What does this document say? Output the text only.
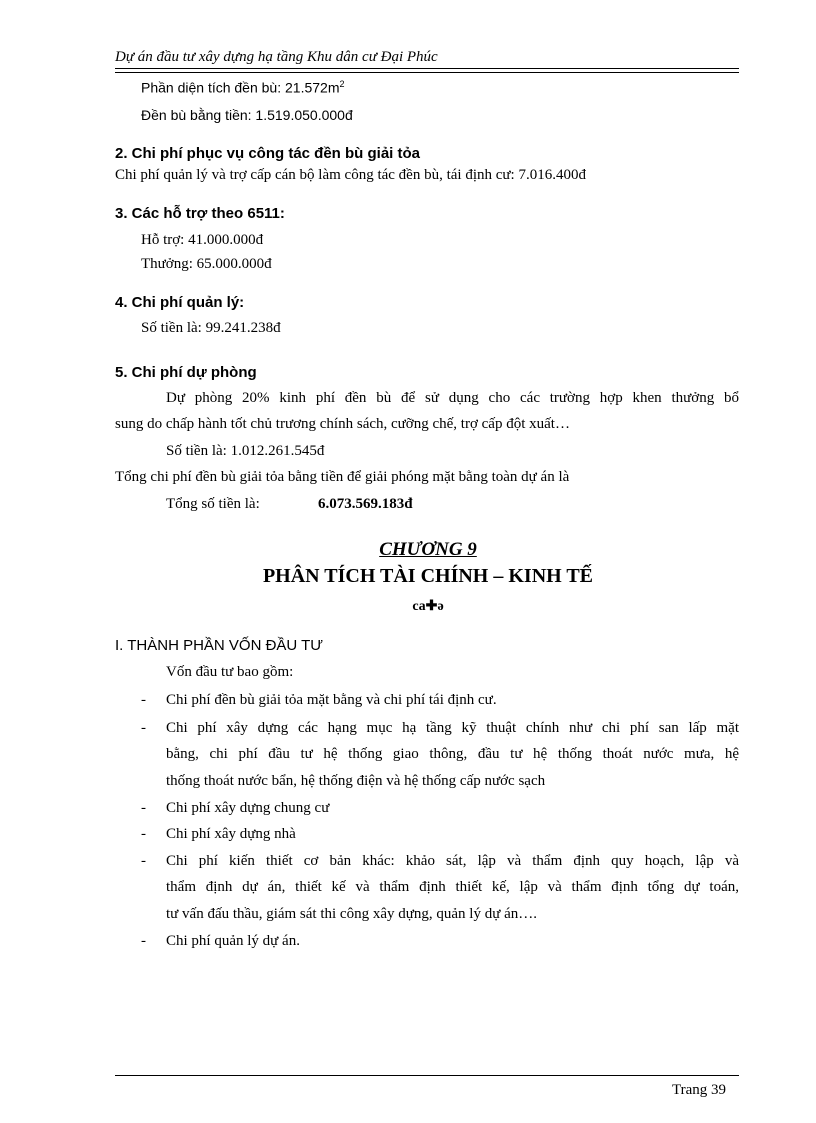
Dự án đầu tư xây dựng hạ tầng Khu dân cư Đại Phúc
Phần diện tích đền bù: $21.572m^2$
Đền bù bằng tiền: 1.519.050.000đ
2. Chi phí phục vụ công tác đền bù giải tỏa
Chi phí quản lý và trợ cấp cán bộ làm công tác đền bù, tái định cư: 7.016.400đ
3. Các hỗ trợ theo 6511:
Hỗ trợ: 41.000.000đ
Thưởng: 65.000.000đ
4. Chi phí quản lý:
Số tiền là: 99.241.238đ
5. Chi phí dự phòng
Dự phòng 20% kinh phí đền bù để sử dụng cho các trường hợp khen thưởng bổ
sung do chấp hành tốt chủ trương chính sách, cưỡng chế, trợ cấp đột xuất…
Số tiền là: 1.012.261.545đ
Tổng chi phí đền bù giải tỏa bằng tiền để giải phóng mặt bằng toàn dự án là
Tổng số tiền là:	6.073.569.183đ
CHƯƠNG 9
PHÂN TÍCH TÀI CHÍNH – KINH TẾ
ca✚ǝ
I. THÀNH PHẦN VỐN ĐẦU TƯ
Vốn đầu tư bao gồm:
- Chi phí đền bù giải tỏa mặt bằng và chi phí tái định cư.
- Chi phí xây dựng các hạng mục hạ tầng kỹ thuật chính như chi phí san lấp mặt
bằng, chi phí đầu tư hệ thống giao thông, đầu tư hệ thống thoát nước mưa, hệ
thống thoát nước bẩn, hệ thống điện và hệ thống cấp nước sạch
- Chi phí xây dựng chung cư
- Chi phí xây dựng nhà
- Chi phí kiến thiết cơ bản khác: khảo sát, lập và thẩm định quy hoạch, lập và
thẩm định dự án, thiết kế và thẩm định thiết kế, lập và thẩm định tổng dự toán,
tư vấn đấu thầu, giám sát thi công xây dựng, quản lý dự án….
- Chi phí quản lý dự án.
Trang 39
